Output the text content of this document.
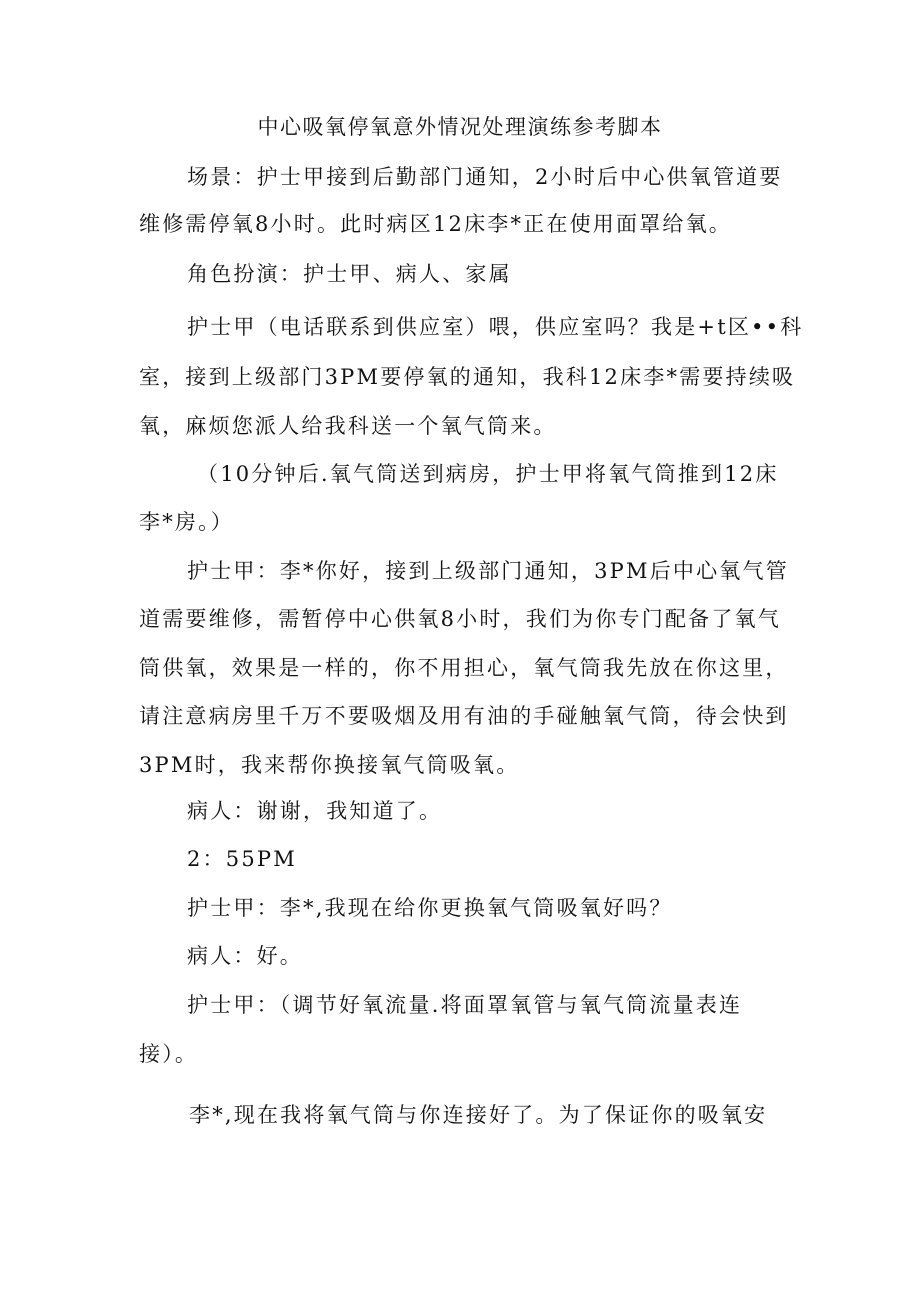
中心吸氧停氧意外情况处理演练参考脚本
场景：护士甲接到后勤部门通知，2小时后中心供氧管道要
维修需停氧8小时。此时病区12床李*正在使用面罩给氧。
角色扮演：护士甲、病人、家属
护士甲（电话联系到供应室）喂，供应室吗？我是+t区••科
室，接到上级部门3PM要停氧的通知，我科12床李*需要持续吸
氧，麻烦您派人给我科送一个氧气筒来。
（10分钟后.氧气筒送到病房，护士甲将氧气筒推到12床
李*房。）
护士甲：李*你好，接到上级部门通知，3PM后中心氧气管
道需要维修，需暂停中心供氧8小时，我们为你专门配备了氧气
筒供氧，效果是一样的，你不用担心，氧气筒我先放在你这里，
请注意病房里千万不要吸烟及用有油的手碰触氧气筒，待会快到
3PM时，我来帮你换接氧气筒吸氧。
病人：谢谢，我知道了。
2：55PM
护士甲：李*,我现在给你更换氧气筒吸氧好吗？
病人：好。
护士甲：（调节好氧流量.将面罩氧管与氧气筒流量表连
接）。
李*,现在我将氧气筒与你连接好了。为了保证你的吸氧安
